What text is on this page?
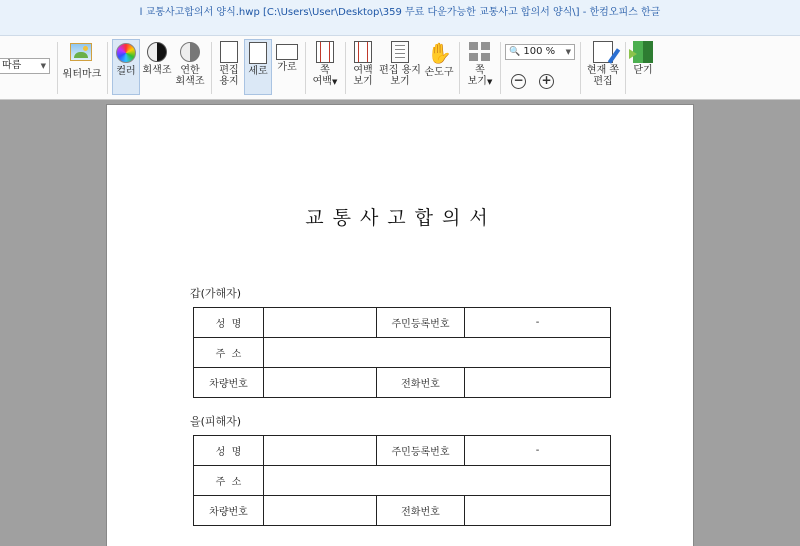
l 교통사고합의서 양식.hwp [C:\Users\User\Desktop\359 무료 다운가능한 교통사고 합의서 양식\] - 한컴오피스 한글
따름	▼
워터마크	컬러 회색조 연한
회색조
편집
용지
세로 가로	쪽
여백▼
여백
보기
편집 용지
보기
✋
손도구	쪽
보기▼
🔍 100 % ▼
− +
현재 쪽
편집
닫기
교통사고합의서
갑(가해자)
성  명		주민등록번호	-
주  소			
차량번호		전화번호	
을(피해자)
성  명		주민등록번호	-
주  소			
차량번호		전화번호	
